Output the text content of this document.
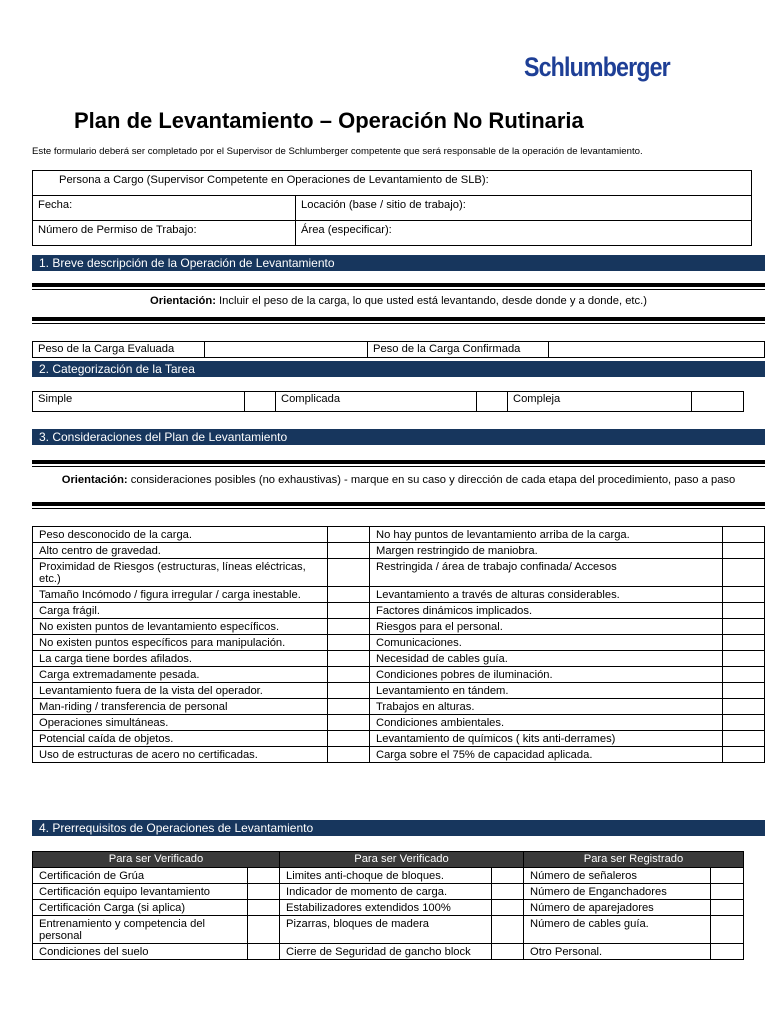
Schlumberger
Plan de Levantamiento – Operación No Rutinaria
Este formulario deberá ser completado por el Supervisor de Schlumberger competente que será responsable de la operación de levantamiento.
Persona a Cargo (Supervisor Competente en Operaciones de Levantamiento de SLB):	
Fecha:	Locación (base / sitio de trabajo):
Número de Permiso de Trabajo:	Área (especificar):
1. Breve descripción de la Operación de Levantamiento
Orientación: Incluir el peso de la carga, lo que usted está levantando, desde donde y a donde, etc.)
Peso de la Carga Evaluada		Peso de la Carga Confirmada	
2. Categorización de la Tarea
Simple		Complicada		Compleja	
3. Consideraciones del Plan de Levantamiento
Orientación: consideraciones posibles (no exhaustivas) - marque en su caso y dirección de cada etapa del procedimiento, paso a paso
Peso desconocido de la carga.		No hay puntos de levantamiento arriba de la carga.	
Alto centro de gravedad.		Margen restringido de maniobra.	
Proximidad de Riesgos (estructuras, líneas eléctricas, etc.)		Restringida / área de trabajo confinada/ Accesos	
Tamaño Incómodo / figura irregular / carga inestable.		Levantamiento a través de alturas considerables.	
Carga frágil.		Factores dinámicos implicados.	
No existen puntos de levantamiento específicos.		Riesgos para el personal.	
No existen puntos específicos para manipulación.		Comunicaciones.	
La carga tiene bordes afilados.		Necesidad de cables guía.	
Carga extremadamente pesada.		Condiciones pobres de iluminación.	
Levantamiento fuera de la vista del operador.		Levantamiento en tándem.	
Man-riding / transferencia de personal		Trabajos en alturas.	
Operaciones simultáneas.		Condiciones ambientales.	
Potencial caída de objetos.		Levantamiento de químicos ( kits anti-derrames)	
Uso de estructuras de acero no certificadas.		Carga sobre el 75% de capacidad aplicada.	
4. Prerrequisitos de Operaciones de Levantamiento
Para ser Verificado		Para ser Verificado		Para ser Registrado	
Certificación de Grúa		Limites anti-choque de bloques.		Número de señaleros	
Certificación equipo levantamiento		Indicador de momento de carga.		Número de Enganchadores	
Certificación Carga (si aplica)		Estabilizadores extendidos 100%		Número de aparejadores	
Entrenamiento y competencia del personal		Pizarras, bloques de madera		Número de cables guía.	
Condiciones del suelo		Cierre de Seguridad de gancho block		Otro Personal.	
